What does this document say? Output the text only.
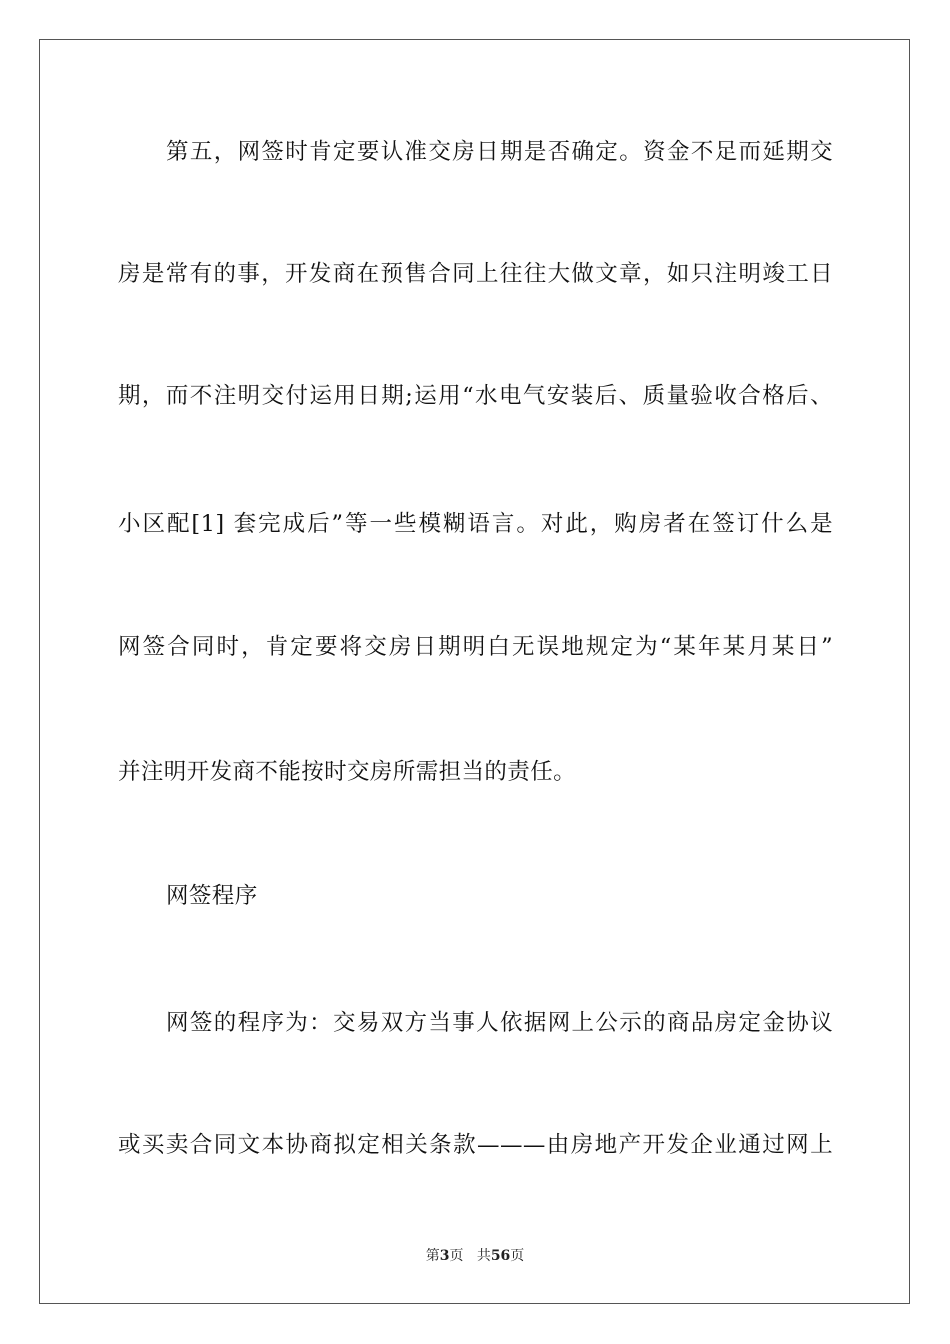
第五，网签时肯定要认准交房日期是否确定。资金不足而延期交
房是常有的事，开发商在预售合同上往往大做文章，如只注明竣工日
期，而不注明交付运用日期;运用“水电气安装后、质量验收合格后、
小区配[1] 套完成后”等一些模糊语言。对此，购房者在签订什么是
网签合同时，肯定要将交房日期明白无误地规定为“某年某月某日”
并注明开发商不能按时交房所需担当的责任。
网签程序
网签的程序为：交易双方当事人依据网上公示的商品房定金协议
或买卖合同文本协商拟定相关条款———由房地产开发企业通过网上
第3页 共56页
